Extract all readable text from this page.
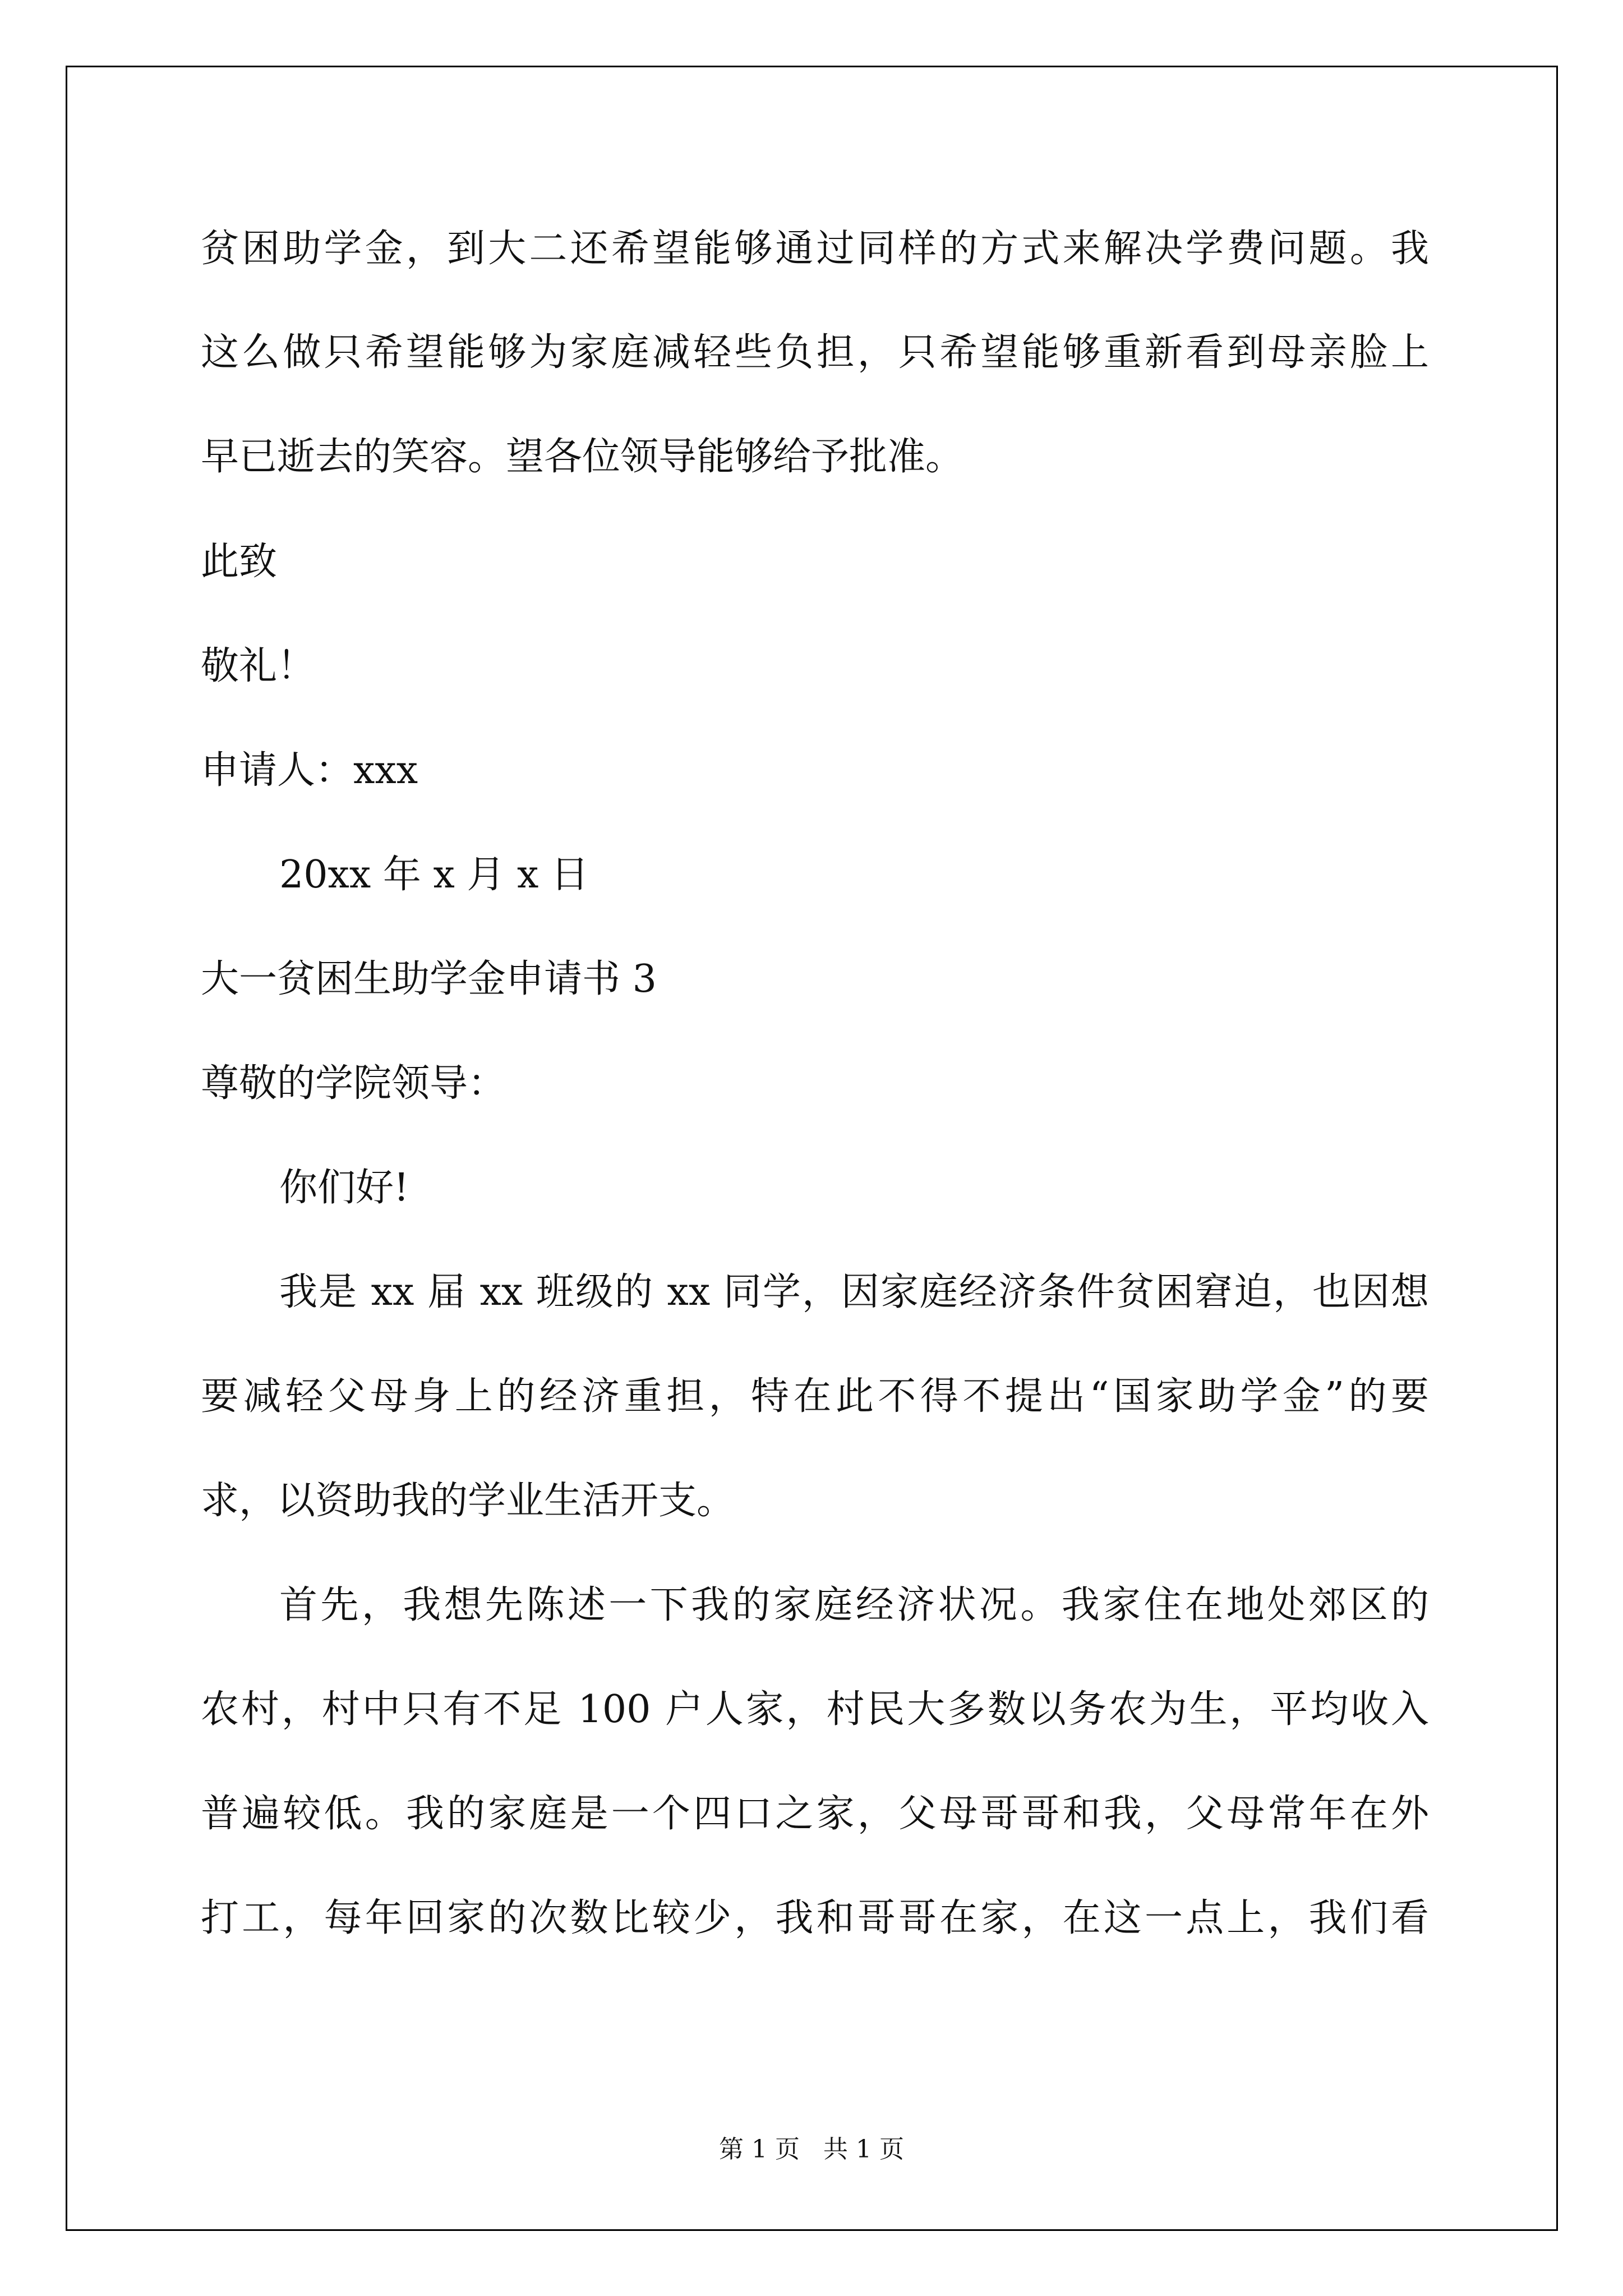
贫困助学金，到大二还希望能够通过同样的方式来解决学费问题。我
这么做只希望能够为家庭减轻些负担，只希望能够重新看到母亲脸上
早已逝去的笑容。望各位领导能够给予批准。
此致
敬礼！
申请人：xxx
20xx 年 x 月 x 日
大一贫困生助学金申请书 3
尊敬的学院领导：
你们好!
我是 xx 届 xx 班级的 xx 同学，因家庭经济条件贫困窘迫，也因想
要减轻父母身上的经济重担，特在此不得不提出“国家助学金”的要
求，以资助我的学业生活开支。
首先，我想先陈述一下我的家庭经济状况。我家住在地处郊区的
农村，村中只有不足 100 户人家，村民大多数以务农为生，平均收入
普遍较低。我的家庭是一个四口之家，父母哥哥和我，父母常年在外
打工，每年回家的次数比较少，我和哥哥在家，在这一点上，我们看
第 1 页   共 1 页
